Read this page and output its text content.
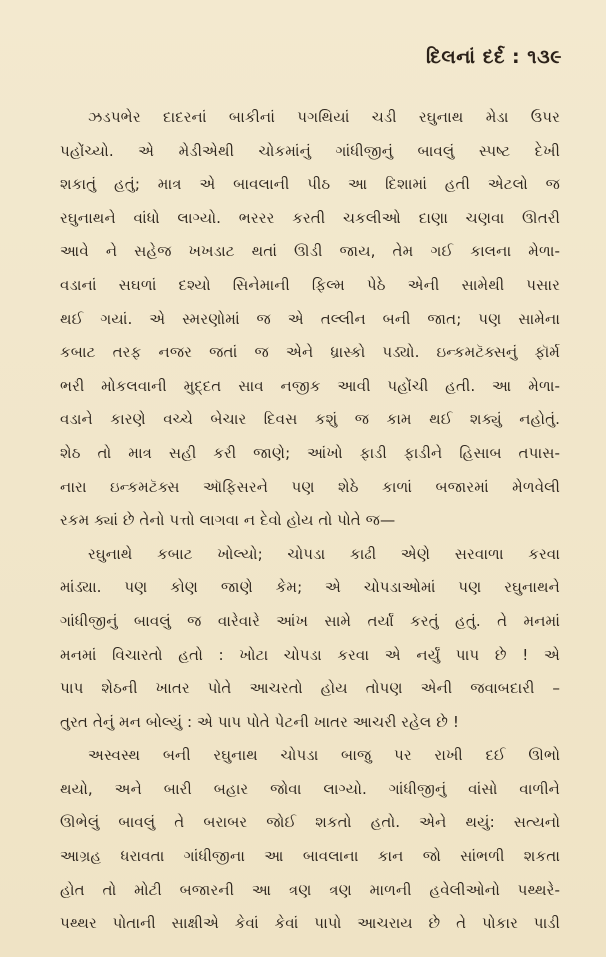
દિલનાં દર્દ : ૧૩૯
ઝડપભેર દાદરનાં બાકીનાં પગથિયાં ચડી રઘુનાથ મેડા ઉપર
પહોંચ્યો. એ મેડીએથી ચોકમાંનું ગાંધીજીનું બાવલું સ્પષ્ટ દેખી
શકાતું હતું; માત્ર એ બાવલાની પીઠ આ દિશામાં હતી એટલો જ
રઘુનાથને વાંધો લાગ્યો. ભરરર કરતી ચકલીઓ દાણા ચણવા ઊતરી
આવે ને સહેજ ખખડાટ થતાં ઊડી જાય, તેમ ગઈ કાલના મેળા-
વડાનાં સઘળાં દશ્યો સિનેમાની ફિલ્મ પેઠે એની સામેથી પસાર
થઈ ગયાં. એ સ્મરણોમાં જ એ તલ્લીન બની જાત; પણ સામેના
કબાટ તરફ નજર જતાં જ એને ધ્રાસ્કો પડ્યો. ઇન્કમટૅક્સનું ફૉર્મ
ભરી મોકલવાની મુદ્દત સાવ નજીક આવી પહોંચી હતી. આ મેળા-
વડાને કારણે વચ્ચે બેચાર દિવસ કશું જ કામ થઈ શક્યું નહોતું.
શેઠ તો માત્ર સહી કરી જાણે; આંખો ફાડી ફાડીને હિસાબ તપાસ-
નારા ઇન્કમટૅક્સ ઑફિસરને પણ શેઠે કાળાં બજારમાં મેળવેલી
રકમ ક્યાં છે તેનો પત્તો લાગવા ન દેવો હોય તો પોતે જ—
રઘુનાથે કબાટ ખોલ્યો; ચોપડા કાઢી એણે સરવાળા કરવા
માંડ્યા. પણ કોણ જાણે કેમ; એ ચોપડાઓમાં પણ રઘુનાથને
ગાંધીજીનું બાવલું જ વારેવારે આંખ સામે તર્યાં કરતું હતું. તે મનમાં
મનમાં વિચારતો હતો : ખોટા ચોપડા કરવા એ નર્યું પાપ છે ! એ
પાપ શેઠની ખાતર પોતે આચરતો હોય તોપણ એની જવાબદારી –
તુરત તેનું મન બોલ્યું : એ પાપ પોતે પેટની ખાતર આચરી રહેલ છે !
અસ્વસ્થ બની રઘુનાથ ચોપડા બાજુ પર રાખી દઈ ઊભો
થયો, અને બારી બહાર જોવા લાગ્યો. ગાંધીજીનું વાંસો વાળીને
ઊભેલું બાવલું તે બરાબર જોઈ શકતો હતો. એને થયું: સત્યનો
આગ્રહ ધરાવતા ગાંધીજીના આ બાવલાના કાન જો સાંભળી શકતા
હોત તો મોટી બજારની આ ત્રણ ત્રણ માળની હવેલીઓનો પથ્થરે-
પથ્થર પોતાની સાક્ષીએ કેવાં કેવાં પાપો આચરાય છે તે પોકાર પાડી
